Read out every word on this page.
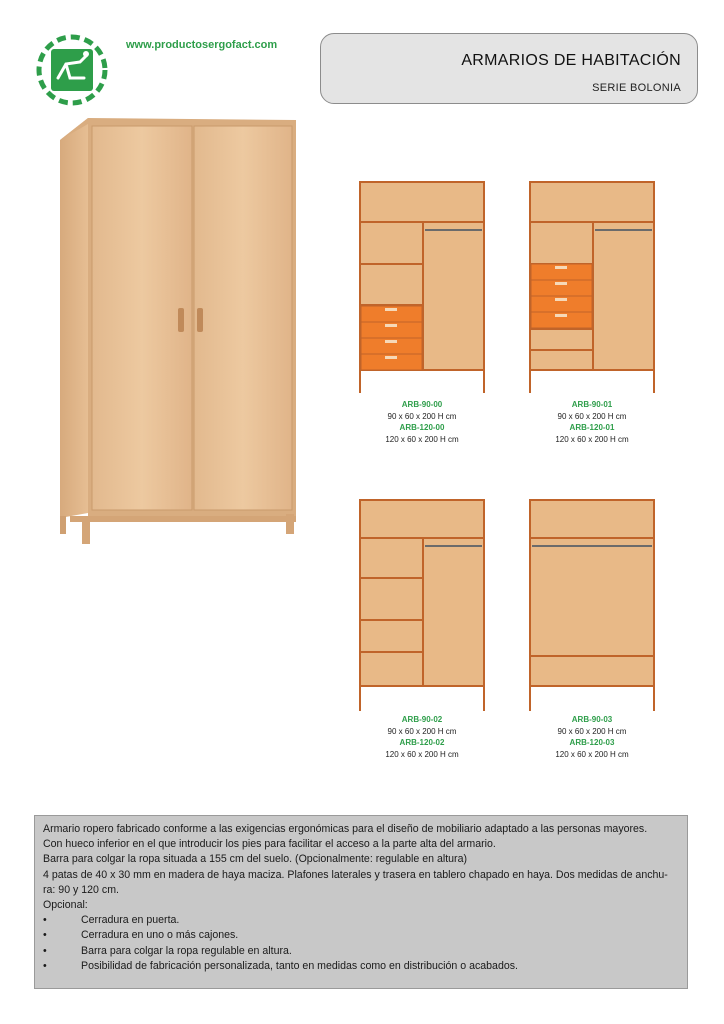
www.productosergofact.com
ARMARIOS DE HABITACIÓN
SERIE BOLONIA
ARB-90-00
90 x 60 x 200 H cm
ARB-120-00
120 x 60 x 200 H cm
ARB-90-01
90 x 60 x 200 H cm
ARB-120-01
120 x 60 x 200 H cm
ARB-90-02
90 x 60 x 200 H cm
ARB-120-02
120 x 60 x 200 H cm
ARB-90-03
90 x 60 x 200 H cm
ARB-120-03
120 x 60 x 200 H cm

Armario ropero fabricado conforme a las exigencias ergonómicas para el diseño de mobiliario adaptado a las personas mayores.

Con hueco inferior en el que introducir los pies para facilitar el acceso a la parte alta del armario.

Barra para colgar la ropa situada a 155 cm del suelo. (Opcionalmente: regulable en altura)

4 patas de 40 x 30 mm en madera de haya maciza. Plafones laterales y trasera en tablero chapado en haya. Dos medidas de anchu-

ra: 90 y 120 cm.

Opcional:

•	Cerradura en puerta.
•	Cerradura en uno o más cajones.
•	Barra para colgar la ropa regulable en altura.
•	Posibilidad de fabricación personalizada, tanto en medidas como en distribución o acabados.
